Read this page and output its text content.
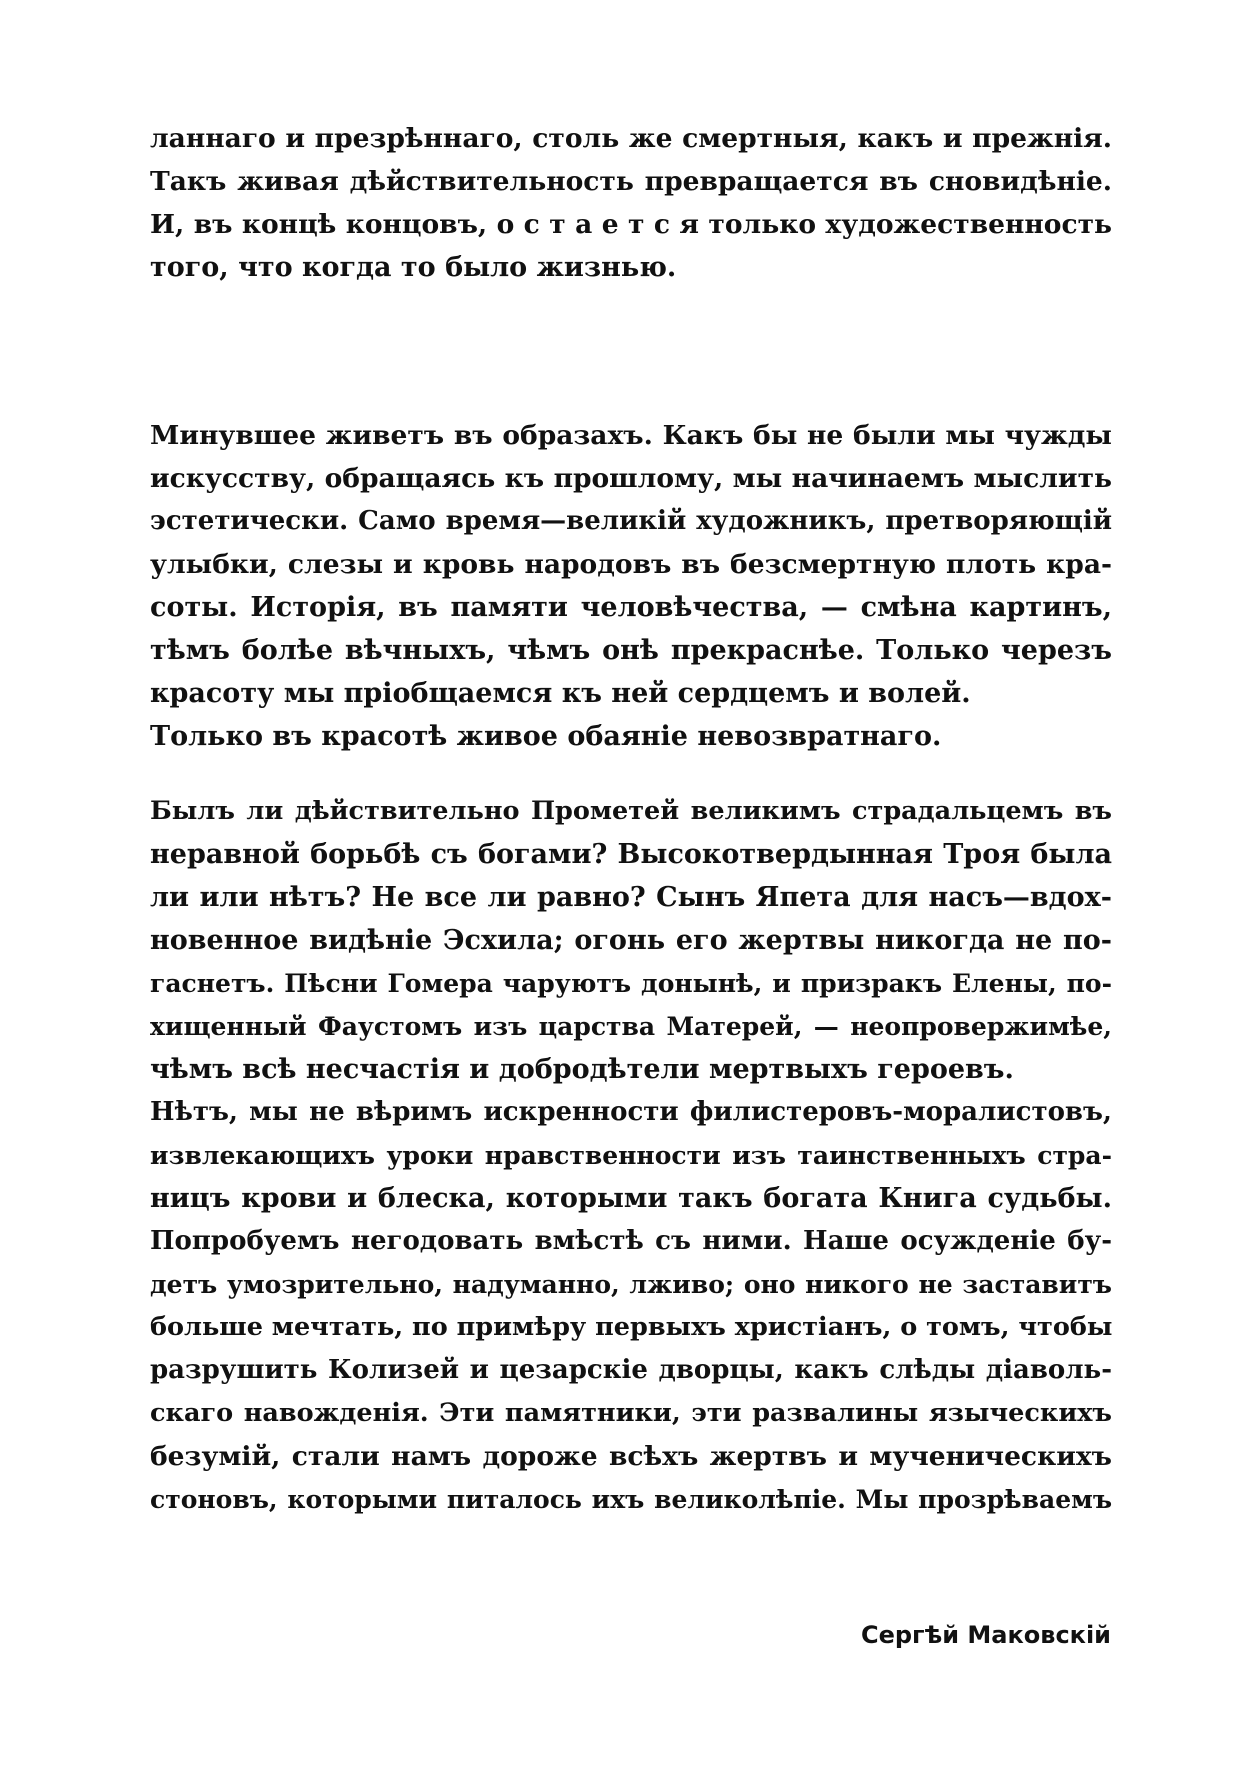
ланнаго и презрѣннаго, столь же смертныя, какъ и прежнія.
Такъ живая дѣйствительность превращается въ сновидѣніе.
И, въ концѣ концовъ, о с т а е т с я только художественность
того, что когда то было жизнью.
Минувшее живетъ въ образахъ. Какъ бы не были мы чужды
искусству, обращаясь къ прошлому, мы начинаемъ мыслить
эстетически. Само время—великій художникъ, претворяющій
улыбки, слезы и кровь народовъ въ безсмертную плоть кра-
соты. Исторія, въ памяти человѣчества, — смѣна картинъ,
тѣмъ болѣе вѣчныхъ, чѣмъ онѣ прекраснѣе. Только черезъ
красоту мы пріобщаемся къ ней сердцемъ и волей.
Только въ красотѣ живое обаяніе невозвратнаго.
Былъ ли дѣйствительно Прометей великимъ страдальцемъ въ
неравной борьбѣ съ богами? Высокотвердынная Троя была
ли или нѣтъ? Не все ли равно? Сынъ Япета для насъ—вдох-
новенное видѣніе Эсхила; огонь его жертвы никогда не по-
гаснетъ. Пѣсни Гомера чаруютъ донынѣ, и призракъ Елены, по-
хищенный Фаустомъ изъ царства Матерей, — неопровержимѣе,
чѣмъ всѣ несчастія и добродѣтели мертвыхъ героевъ.
Нѣтъ, мы не вѣримъ искренности филистеровъ-моралистовъ,
извлекающихъ уроки нравственности изъ таинственныхъ стра-
ницъ крови и блеска, которыми такъ богата Книга судьбы.
Попробуемъ негодовать вмѣстѣ съ ними. Наше осужденіе бу-
детъ умозрительно, надуманно, лживо; оно никого не заставитъ
больше мечтать, по примѣру первыхъ христіанъ, о томъ, чтобы
разрушить Колизей и цезарскіе дворцы, какъ слѣды діаволь-
скаго навожденія. Эти памятники, эти развалины языческихъ
безумій, стали намъ дороже всѣхъ жертвъ и мученическихъ
стоновъ, которыми питалось ихъ великолѣпіе. Мы прозрѣваемъ
Сергѣй Маковскій
